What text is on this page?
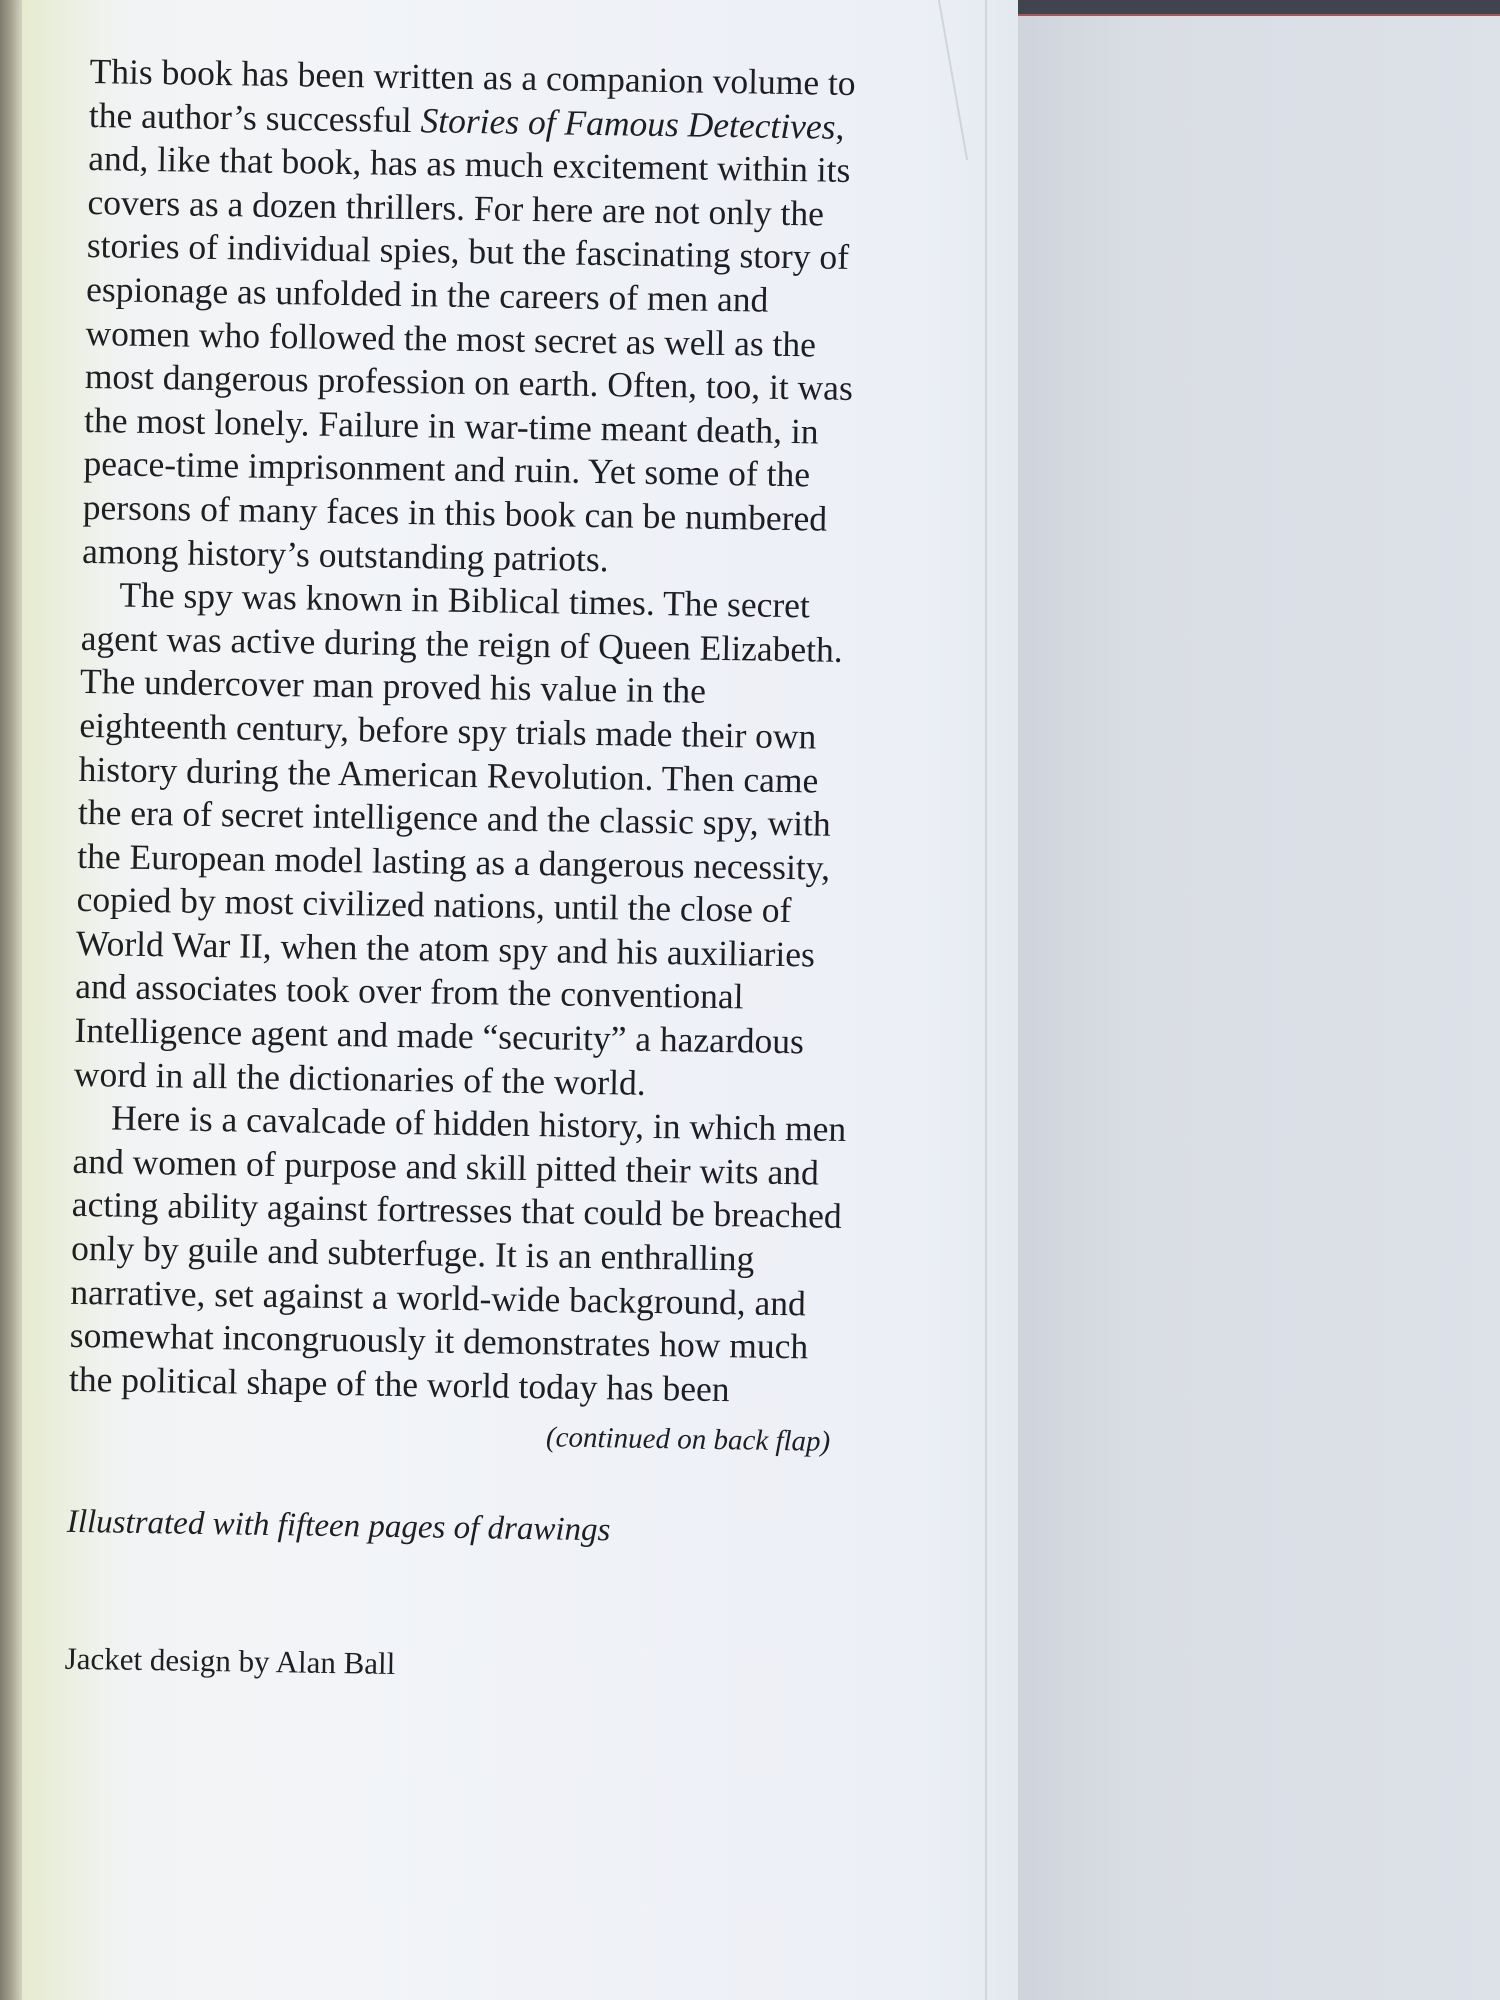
This book has been written as a companion volume to the author’s successful Stories of Famous Detectives, and, like that book, has as much excitement within its covers as a dozen thrillers. For here are not only the stories of individual spies, but the fascinating story of espionage as unfolded in the careers of men and women who followed the most secret as well as the most dangerous profession on earth. Often, too, it was the most lonely. Failure in war-time meant death, in peace-time imprisonment and ruin. Yet some of the persons of many faces in this book can be numbered among history’s outstanding patriots.

The spy was known in Biblical times. The secret agent was active during the reign of Queen Elizabeth. The undercover man proved his value in the eighteenth century, before spy trials made their own history during the American Revolution. Then came the era of secret intelligence and the classic spy, with the European model lasting as a dangerous necessity, copied by most civilized nations, until the close of World War II, when the atom spy and his auxiliaries and associates took over from the conventional Intelligence agent and made “security” a hazardous word in all the dictionaries of the world.

Here is a cavalcade of hidden history, in which men and women of purpose and skill pitted their wits and acting ability against fortresses that could be breached only by guile and subterfuge. It is an enthralling narrative, set against a world-wide background, and somewhat incongruously it demonstrates how much the political shape of the world today has been

(continued on back flap)
Illustrated with fifteen pages of drawings
Jacket design by Alan Ball
